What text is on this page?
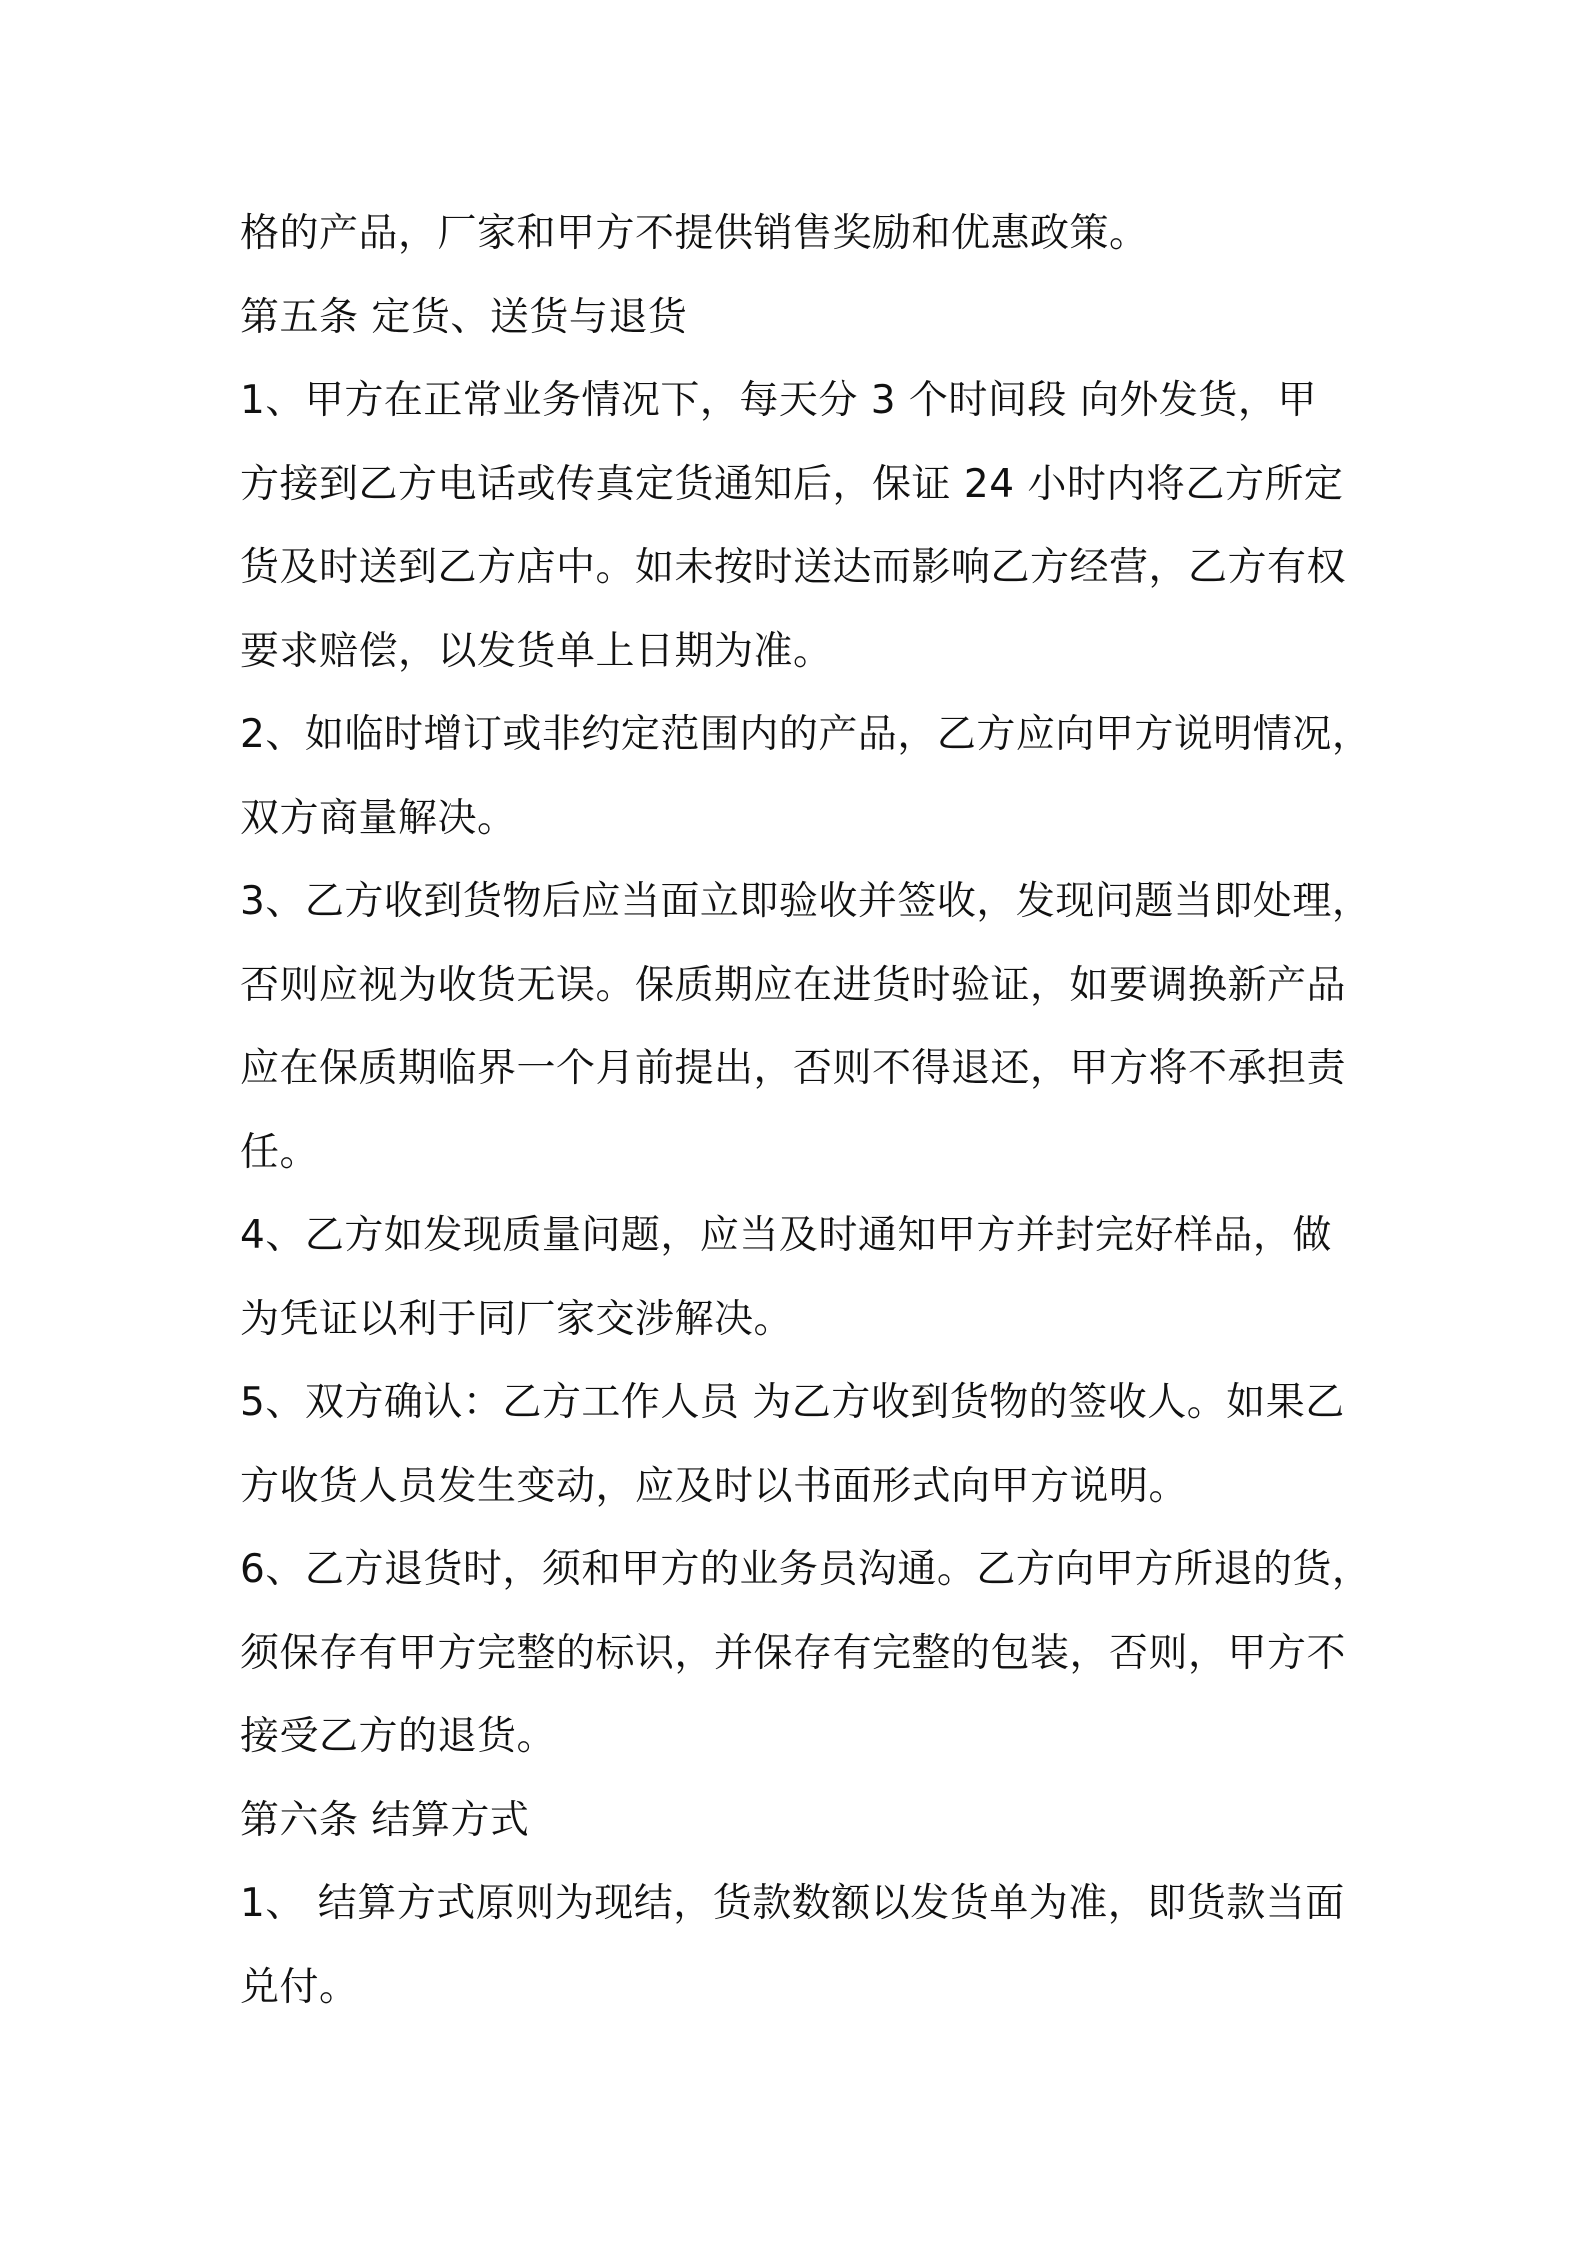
格的产品，厂家和甲方不提供销售奖励和优惠政策。
第五条 定货、送货与退货
1、甲方在正常业务情况下，每天分 3 个时间段 向外发货，甲
方接到乙方电话或传真定货通知后，保证 24 小时内将乙方所定
货及时送到乙方店中。如未按时送达而影响乙方经营，乙方有权
要求赔偿，以发货单上日期为准。
2、如临时增订或非约定范围内的产品，乙方应向甲方说明情况，
双方商量解决。
3、乙方收到货物后应当面立即验收并签收，发现问题当即处理，
否则应视为收货无误。保质期应在进货时验证，如要调换新产品
应在保质期临界一个月前提出，否则不得退还，甲方将不承担责
任。
4、乙方如发现质量问题，应当及时通知甲方并封完好样品，做
为凭证以利于同厂家交涉解决。
5、双方确认：乙方工作人员 为乙方收到货物的签收人。如果乙
方收货人员发生变动，应及时以书面形式向甲方说明。
6、乙方退货时，须和甲方的业务员沟通。乙方向甲方所退的货，
须保存有甲方完整的标识，并保存有完整的包装，否则，甲方不
接受乙方的退货。
第六条 结算方式
1、 结算方式原则为现结，货款数额以发货单为准，即货款当面
兑付。
